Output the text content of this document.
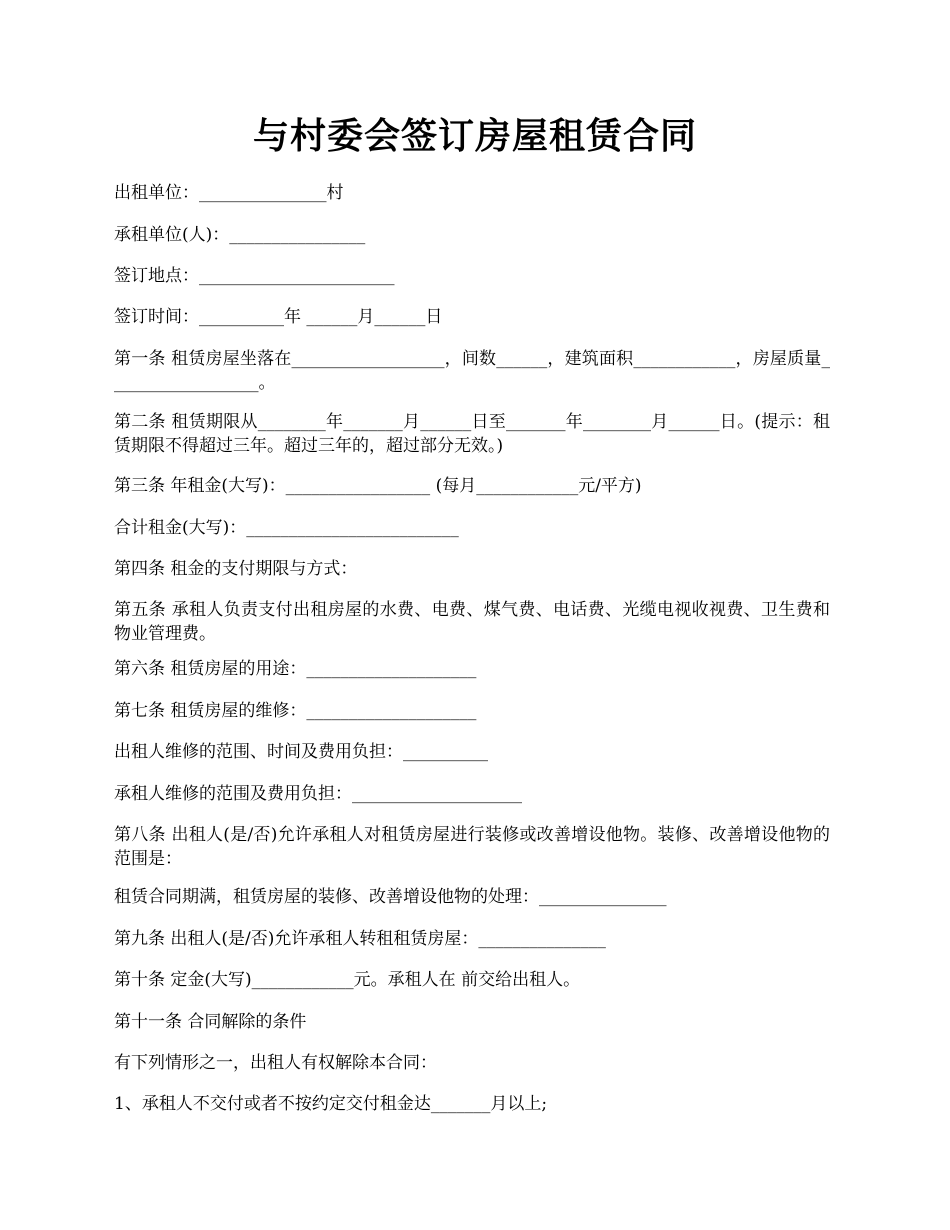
与村委会签订房屋租赁合同

出租单位：_______________村

承租单位(人)：________________

签订地点：_______________________

签订时间：__________年 ______月______日

第一条 租赁房屋坐落在__________________，间数______，建筑面积____________，房屋质量__________________。

第二条 租赁期限从________年_______月______日至_______年________月______日。(提示：租赁期限不得超过三年。超过三年的，超过部分无效。)

第三条 年租金(大写)：_________________ (每月____________元/平方)

合计租金(大写)：_________________________

第四条 租金的支付期限与方式：

第五条 承租人负责支付出租房屋的水费、电费、煤气费、电话费、光缆电视收视费、卫生费和物业管理费。

第六条 租赁房屋的用途：____________________

第七条 租赁房屋的维修：____________________

出租人维修的范围、时间及费用负担：__________

承租人维修的范围及费用负担：____________________

第八条 出租人(是/否)允许承租人对租赁房屋进行装修或改善增设他物。装修、改善增设他物的范围是：

租赁合同期满，租赁房屋的装修、改善增设他物的处理：_______________

第九条 出租人(是/否)允许承租人转租租赁房屋：_______________

第十条 定金(大写)____________元。承租人在 前交给出租人。

第十一条 合同解除的条件

有下列情形之一，出租人有权解除本合同：

1、承租人不交付或者不按约定交付租金达_______月以上;
